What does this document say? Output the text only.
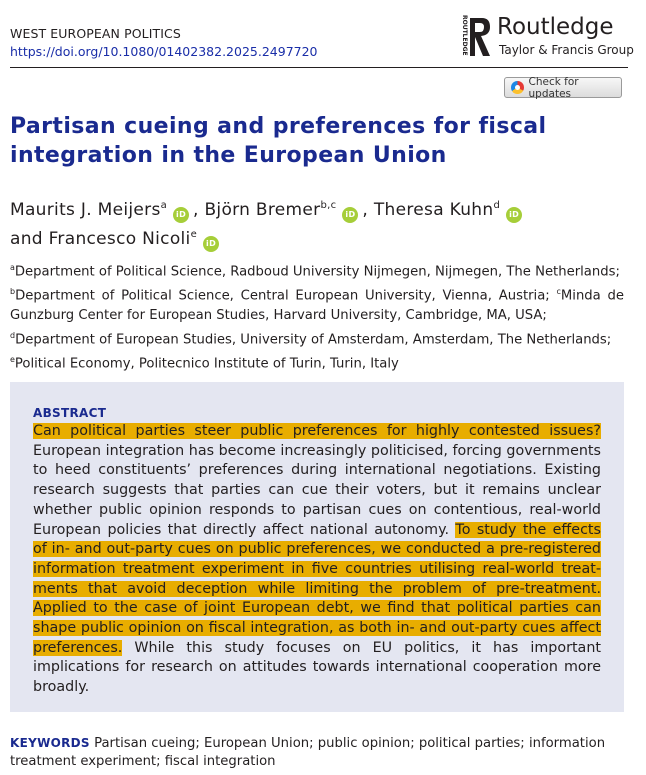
WEST EUROPEAN POLITICS
https://doi.org/10.1080/01402382.2025.2497720	ROUTLEDGE Routledge
Taylor & Francis Group
Check for updates
Partisan cueing and preferences for fiscal integration in the European Union
Maurits J. Meijers$^a$iD , Björn Bremer$^{b,c}$iD , Theresa Kuhn$^d$iD
and Francesco Nicoli$^e$iD
$^a$Department of Political Science, Radboud University Nijmegen, Nijmegen, The Netherlands;
$^b$Department of Political Science, Central European University, Vienna, Austria; $^c$Minda de Gunzburg Center for European Studies, Harvard University, Cambridge, MA, USA;
$^d$Department of European Studies, University of Amsterdam, Amsterdam, The Netherlands;
$^e$Political Economy, Politecnico Institute of Turin, Turin, Italy
ABSTRACT
Can political parties steer public preferences for highly contested issues? European integration has become increasingly politicised, forcing governments to heed constituents’ preferences during international negotiations. Existing research suggests that parties can cue their voters, but it remains unclear whether public opinion responds to partisan cues on contentious, real-world European policies that directly affect national autonomy. To study the effects of in- and out-party cues on public preferences, we conducted a pre-registered information treatment experiment in five countries utilising real-world treatments that avoid deception while limiting the problem of pre-treatment. Applied to the case of joint European debt, we find that political parties can shape public opinion on fiscal integration, as both in- and out-party cues affect preferences. While this study focuses on EU politics, it has important implications for research on attitudes towards international cooperation more broadly.
KEYWORDS Partisan cueing; European Union; public opinion; political parties; information treatment experiment; fiscal integration
